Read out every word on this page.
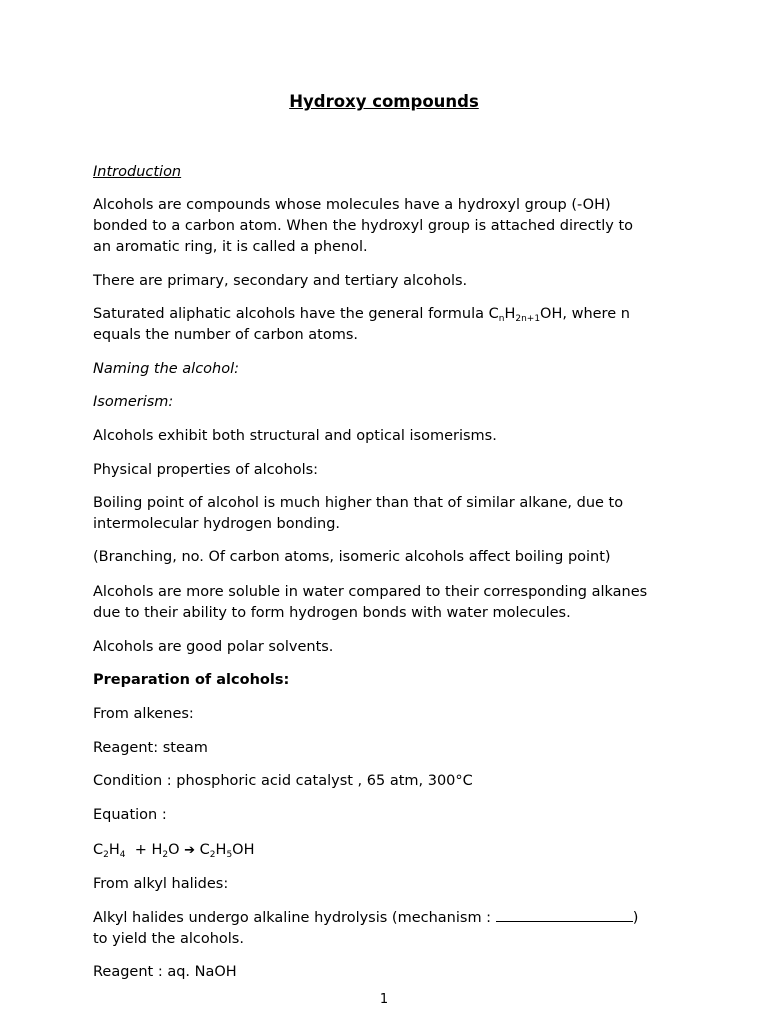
Hydroxy compounds

Introduction

Alcohols are compounds whose molecules have a hydroxyl group (-OH)
bonded to a carbon atom. When the hydroxyl group is attached directly to
an aromatic ring, it is called a phenol.

There are primary, secondary and tertiary alcohols.

Saturated aliphatic alcohols have the general formula $C_nH_{2n+1}OH$, where n
equals the number of carbon atoms.

Naming the alcohol:

Isomerism:

Alcohols exhibit both structural and optical isomerisms.

Physical properties of alcohols:

Boiling point of alcohol is much higher than that of similar alkane, due to
intermolecular hydrogen bonding.

(Branching, no. Of carbon atoms, isomeric alcohols affect boiling point)

Alcohols are more soluble in water compared to their corresponding alkanes
due to their ability to form hydrogen bonds with water molecules.

Alcohols are good polar solvents.

Preparation of alcohols:

From alkenes:

Reagent: steam

Condition : phosphoric acid catalyst , 65 atm, 300°C

Equation :

$C_2H_4 + H_2O$ ➔ $C_2H_5OH$

From alkyl halides:

Alkyl halides undergo alkaline hydrolysis (mechanism :	)
to yield the alcohols.

Reagent : aq. NaOH

1
